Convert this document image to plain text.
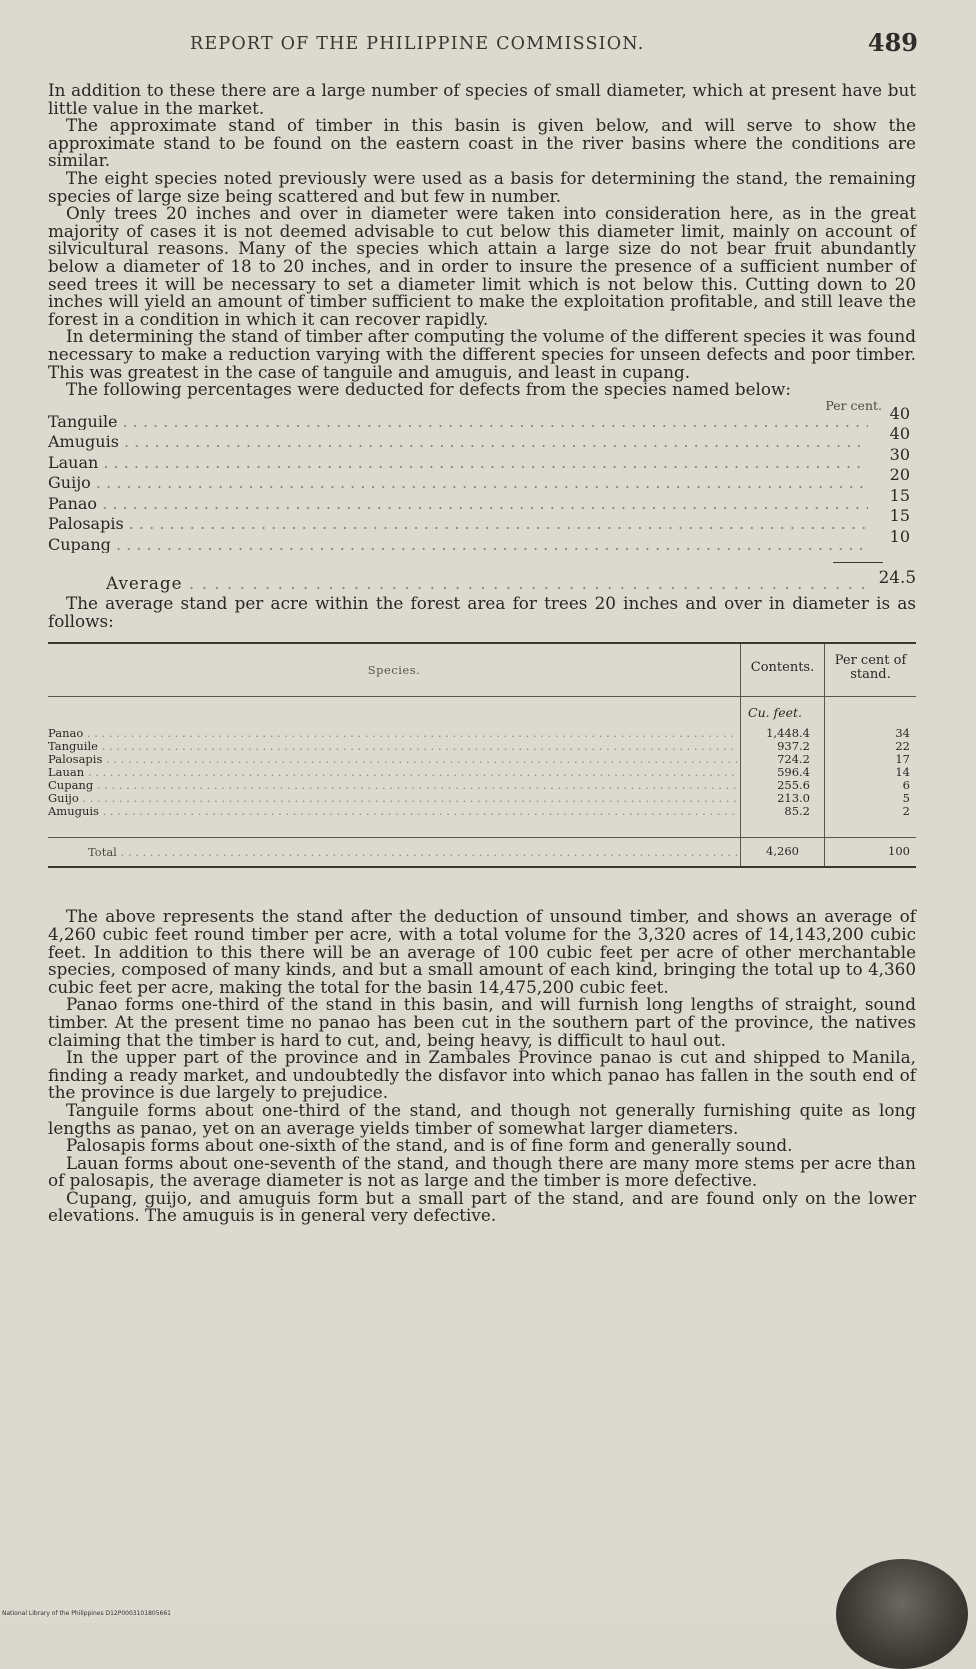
REPORT OF THE PHILIPPINE COMMISSION.	489

In addition to these there are a large number of species of small diameter, which at present have but little value in the market.

The approximate stand of timber in this basin is given below, and will serve to show the approximate stand to be found on the eastern coast in the river basins where the conditions are similar.

The eight species noted previously were used as a basis for determining the stand, the remaining species of large size being scattered and but few in number.

Only trees 20 inches and over in diameter were taken into consideration here, as in the great majority of cases it is not deemed advisable to cut below this diameter limit, mainly on account of silvicultural reasons. Many of the species which attain a large size do not bear fruit abundantly below a diameter of 18 to 20 inches, and in order to insure the presence of a sufficient number of seed trees it will be necessary to set a diameter limit which is not below this. Cutting down to 20 inches will yield an amount of timber sufficient to make the exploitation profitable, and still leave the forest in a condition in which it can recover rapidly.

In determining the stand of timber after computing the volume of the different species it was found necessary to make a reduction varying with the different species for unseen defects and poor timber. This was greatest in the case of tanguile and amuguis, and least in cupang.

The following percentages were deducted for defects from the species named below:

Per cent.
Tanguile . . .	40
Amuguis . . .	40
Lauan . . .	30
Guijo . . .	20
Panao . . .	15
Palosapis . . .	15
Cupang . . .	10
Average . . .	24.5

The average stand per acre within the forest area for trees 20 inches and over in diameter is as follows:

Species.	Contents.	Per cent of stand.
Cu. feet.
Panao . . .	1,448.4	34
Tanguile . . .	937.2	22
Palosapis . . .	724.2	17
Lauan . . .	596.4	14
Cupang . . .	255.6	6
Guijo . . .	213.0	5
Amuguis . . .	85.2	2
Total . . .	4,260	100

The above represents the stand after the deduction of unsound timber, and shows an average of 4,260 cubic feet round timber per acre, with a total volume for the 3,320 acres of 14,143,200 cubic feet. In addition to this there will be an average of 100 cubic feet per acre of other merchantable species, composed of many kinds, and but a small amount of each kind, bringing the total up to 4,360 cubic feet per acre, making the total for the basin 14,475,200 cubic feet.

Panao forms one-third of the stand in this basin, and will furnish long lengths of straight, sound timber. At the present time no panao has been cut in the southern part of the province, the natives claiming that the timber is hard to cut, and, being heavy, is difficult to haul out.

In the upper part of the province and in Zambales Province panao is cut and shipped to Manila, finding a ready market, and undoubtedly the disfavor into which panao has fallen in the south end of the province is due largely to prejudice.

Tanguile forms about one-third of the stand, and though not generally furnishing quite as long lengths as panao, yet on an average yields timber of somewhat larger diameters.

Palosapis forms about one-sixth of the stand, and is of fine form and generally sound.

Lauan forms about one-seventh of the stand, and though there are many more stems per acre than of palosapis, the average diameter is not as large and the timber is more defective.

Cupang, guijo, and amuguis form but a small part of the stand, and are found only on the lower elevations. The amuguis is in general very defective.

National Library of the Philippines D12P0003101805661
